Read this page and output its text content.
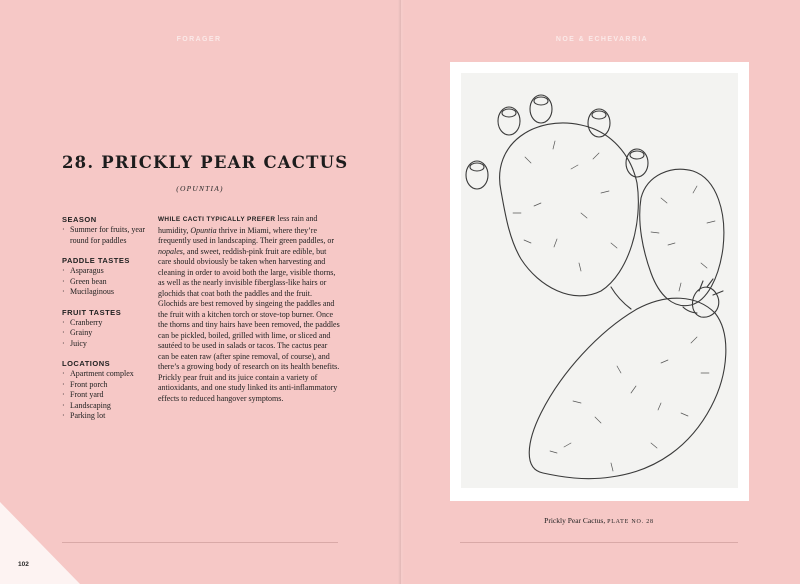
FORAGER
28. PRICKLY PEAR CACTUS
(OPUNTIA)
SEASON
· Summer for fruits, year round for paddles
PADDLE TASTES
· Asparagus
· Green bean
· Mucilaginous
FRUIT TASTES
· Cranberry
· Grainy
· Juicy
LOCATIONS
· Apartment complex
· Front porch
· Front yard
· Landscaping
· Parking lot

WHILE CACTI TYPICALLY PREFER less rain and humidity, Opuntia thrive in Miami, where they’re frequently used in landscaping. Their green paddles, or nopales, and sweet, reddish-pink fruit are edible, but care should obviously be taken when harvesting and cleaning in order to avoid both the large, visible thorns, as well as the nearly invisible fiberglass-like hairs or glochids that coat both the paddles and the fruit. Glochids are best removed by singeing the paddles and the fruit with a kitchen torch or stove-top burner. Once the thorns and tiny hairs have been removed, the paddles can be pickled, boiled, grilled with lime, or sliced and sautéed to be used in salads or tacos. The cactus pear can be eaten raw (after spine removal, of course), and there’s a growing body of research on its health benefits. Prickly pear fruit and its juice contain a variety of antioxidants, and one study linked its anti-inflammatory effects to reduced hangover symptoms.

102
NOE & ECHEVARRIA
Prickly Pear Cactus, PLATE NO. 28
